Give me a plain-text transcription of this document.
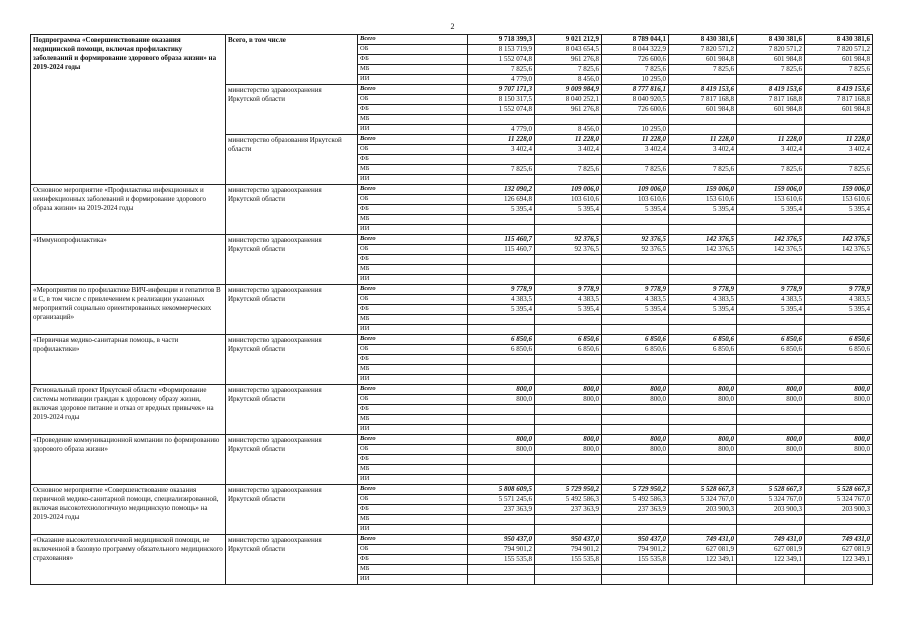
2
Подпрограмма «Совершенствование оказания медицинской помощи, включая профилактику заболеваний и формирование здорового образа жизни» на 2019-2024 годы	Всего, в том числе	Всего	9 718 399,3	9 021 212,9	8 789 044,1	8 430 381,6	8 430 381,6	8 430 381,6
		ОБ	8 153 719,9	8 043 654,5	8 044 322,9	7 820 571,2	7 820 571,2	7 820 571,2
		ФБ	1 552 074,8	961 276,8	726 600,6	601 984,8	601 984,8	601 984,8
		МБ	7 825,6	7 825,6	7 825,6	7 825,6	7 825,6	7 825,6
		ИИ	4 779,0	8 456,0	10 295,0			
	министерство здравоохранения Иркутской области	Всего	9 707 171,3	9 009 984,9	8 777 816,1	8 419 153,6	8 419 153,6	8 419 153,6
		ОБ	8 150 317,5	8 040 252,1	8 040 920,5	7 817 168,8	7 817 168,8	7 817 168,8
		ФБ	1 552 074,8	961 276,8	726 600,6	601 984,8	601 984,8	601 984,8
		МБ						
		ИИ	4 779,0	8 456,0	10 295,0			
	министерство образования Иркутской области	Всего	11 228,0	11 228,0	11 228,0	11 228,0	11 228,0	11 228,0
		ОБ	3 402,4	3 402,4	3 402,4	3 402,4	3 402,4	3 402,4
		ФБ						
		МБ	7 825,6	7 825,6	7 825,6	7 825,6	7 825,6	7 825,6
		ИИ						
Основное мероприятие «Профилактика инфекционных и неинфекционных заболеваний и формирование здорового образа жизни» на 2019-2024 годы	министерство здравоохранения Иркутской области	Всего	132 090,2	109 006,0	109 006,0	159 006,0	159 006,0	159 006,0
		ОБ	126 694,8	103 610,6	103 610,6	153 610,6	153 610,6	153 610,6
		ФБ	5 395,4	5 395,4	5 395,4	5 395,4	5 395,4	5 395,4
		МБ						
		ИИ						
«Иммунопрофилактика»	министерство здравоохранения Иркутской области	Всего	115 460,7	92 376,5	92 376,5	142 376,5	142 376,5	142 376,5
		ОБ	115 460,7	92 376,5	92 376,5	142 376,5	142 376,5	142 376,5
		ФБ						
		МБ						
		ИИ						
«Мероприятия по профилактике ВИЧ-инфекции и гепатитов В и С, в том числе с привлечением к реализации указанных мероприятий социально ориентированных некоммерческих организаций»	министерство здравоохранения Иркутской области	Всего	9 778,9	9 778,9	9 778,9	9 778,9	9 778,9	9 778,9
		ОБ	4 383,5	4 383,5	4 383,5	4 383,5	4 383,5	4 383,5
		ФБ	5 395,4	5 395,4	5 395,4	5 395,4	5 395,4	5 395,4
		МБ						
		ИИ						
«Первичная медико-санитарная помощь, в части профилактики»	министерство здравоохранения Иркутской области	Всего	6 850,6	6 850,6	6 850,6	6 850,6	6 850,6	6 850,6
		ОБ	6 850,6	6 850,6	6 850,6	6 850,6	6 850,6	6 850,6
		ФБ						
		МБ						
		ИИ						
Региональный проект Иркутской области «Формирование системы мотивации граждан к здоровому образу жизни, включая здоровое питание и отказ от вредных привычек» на 2019-2024 годы	министерство здравоохранения Иркутской области	Всего	800,0	800,0	800,0	800,0	800,0	800,0
		ОБ	800,0	800,0	800,0	800,0	800,0	800,0
		ФБ						
		МБ						
		ИИ						
«Проведение коммуникационной компании по формированию здорового образа жизни»	министерство здравоохранения Иркутской области	Всего	800,0	800,0	800,0	800,0	800,0	800,0
		ОБ	800,0	800,0	800,0	800,0	800,0	800,0
		ФБ						
		МБ						
		ИИ						
Основное мероприятие «Совершенствование оказания первичной медико-санитарной помощи, специализированной, включая высокотехнологичную медицинскую помощь» на 2019-2024 годы	министерство здравоохранения Иркутской области	Всего	5 808 609,5	5 729 950,2	5 729 950,2	5 528 667,3	5 528 667,3	5 528 667,3
		ОБ	5 571 245,6	5 492 586,3	5 492 586,3	5 324 767,0	5 324 767,0	5 324 767,0
		ФБ	237 363,9	237 363,9	237 363,9	203 900,3	203 900,3	203 900,3
		МБ						
		ИИ						
«Оказание высокотехнологичной медицинской помощи, не включенной в базовую программу обязательного медицинского страхования»	министерство здравоохранения Иркутской области	Всего	950 437,0	950 437,0	950 437,0	749 431,0	749 431,0	749 431,0
		ОБ	794 901,2	794 901,2	794 901,2	627 081,9	627 081,9	627 081,9
		ФБ	155 535,8	155 535,8	155 535,8	122 349,1	122 349,1	122 349,1
		МБ						
		ИИ						
